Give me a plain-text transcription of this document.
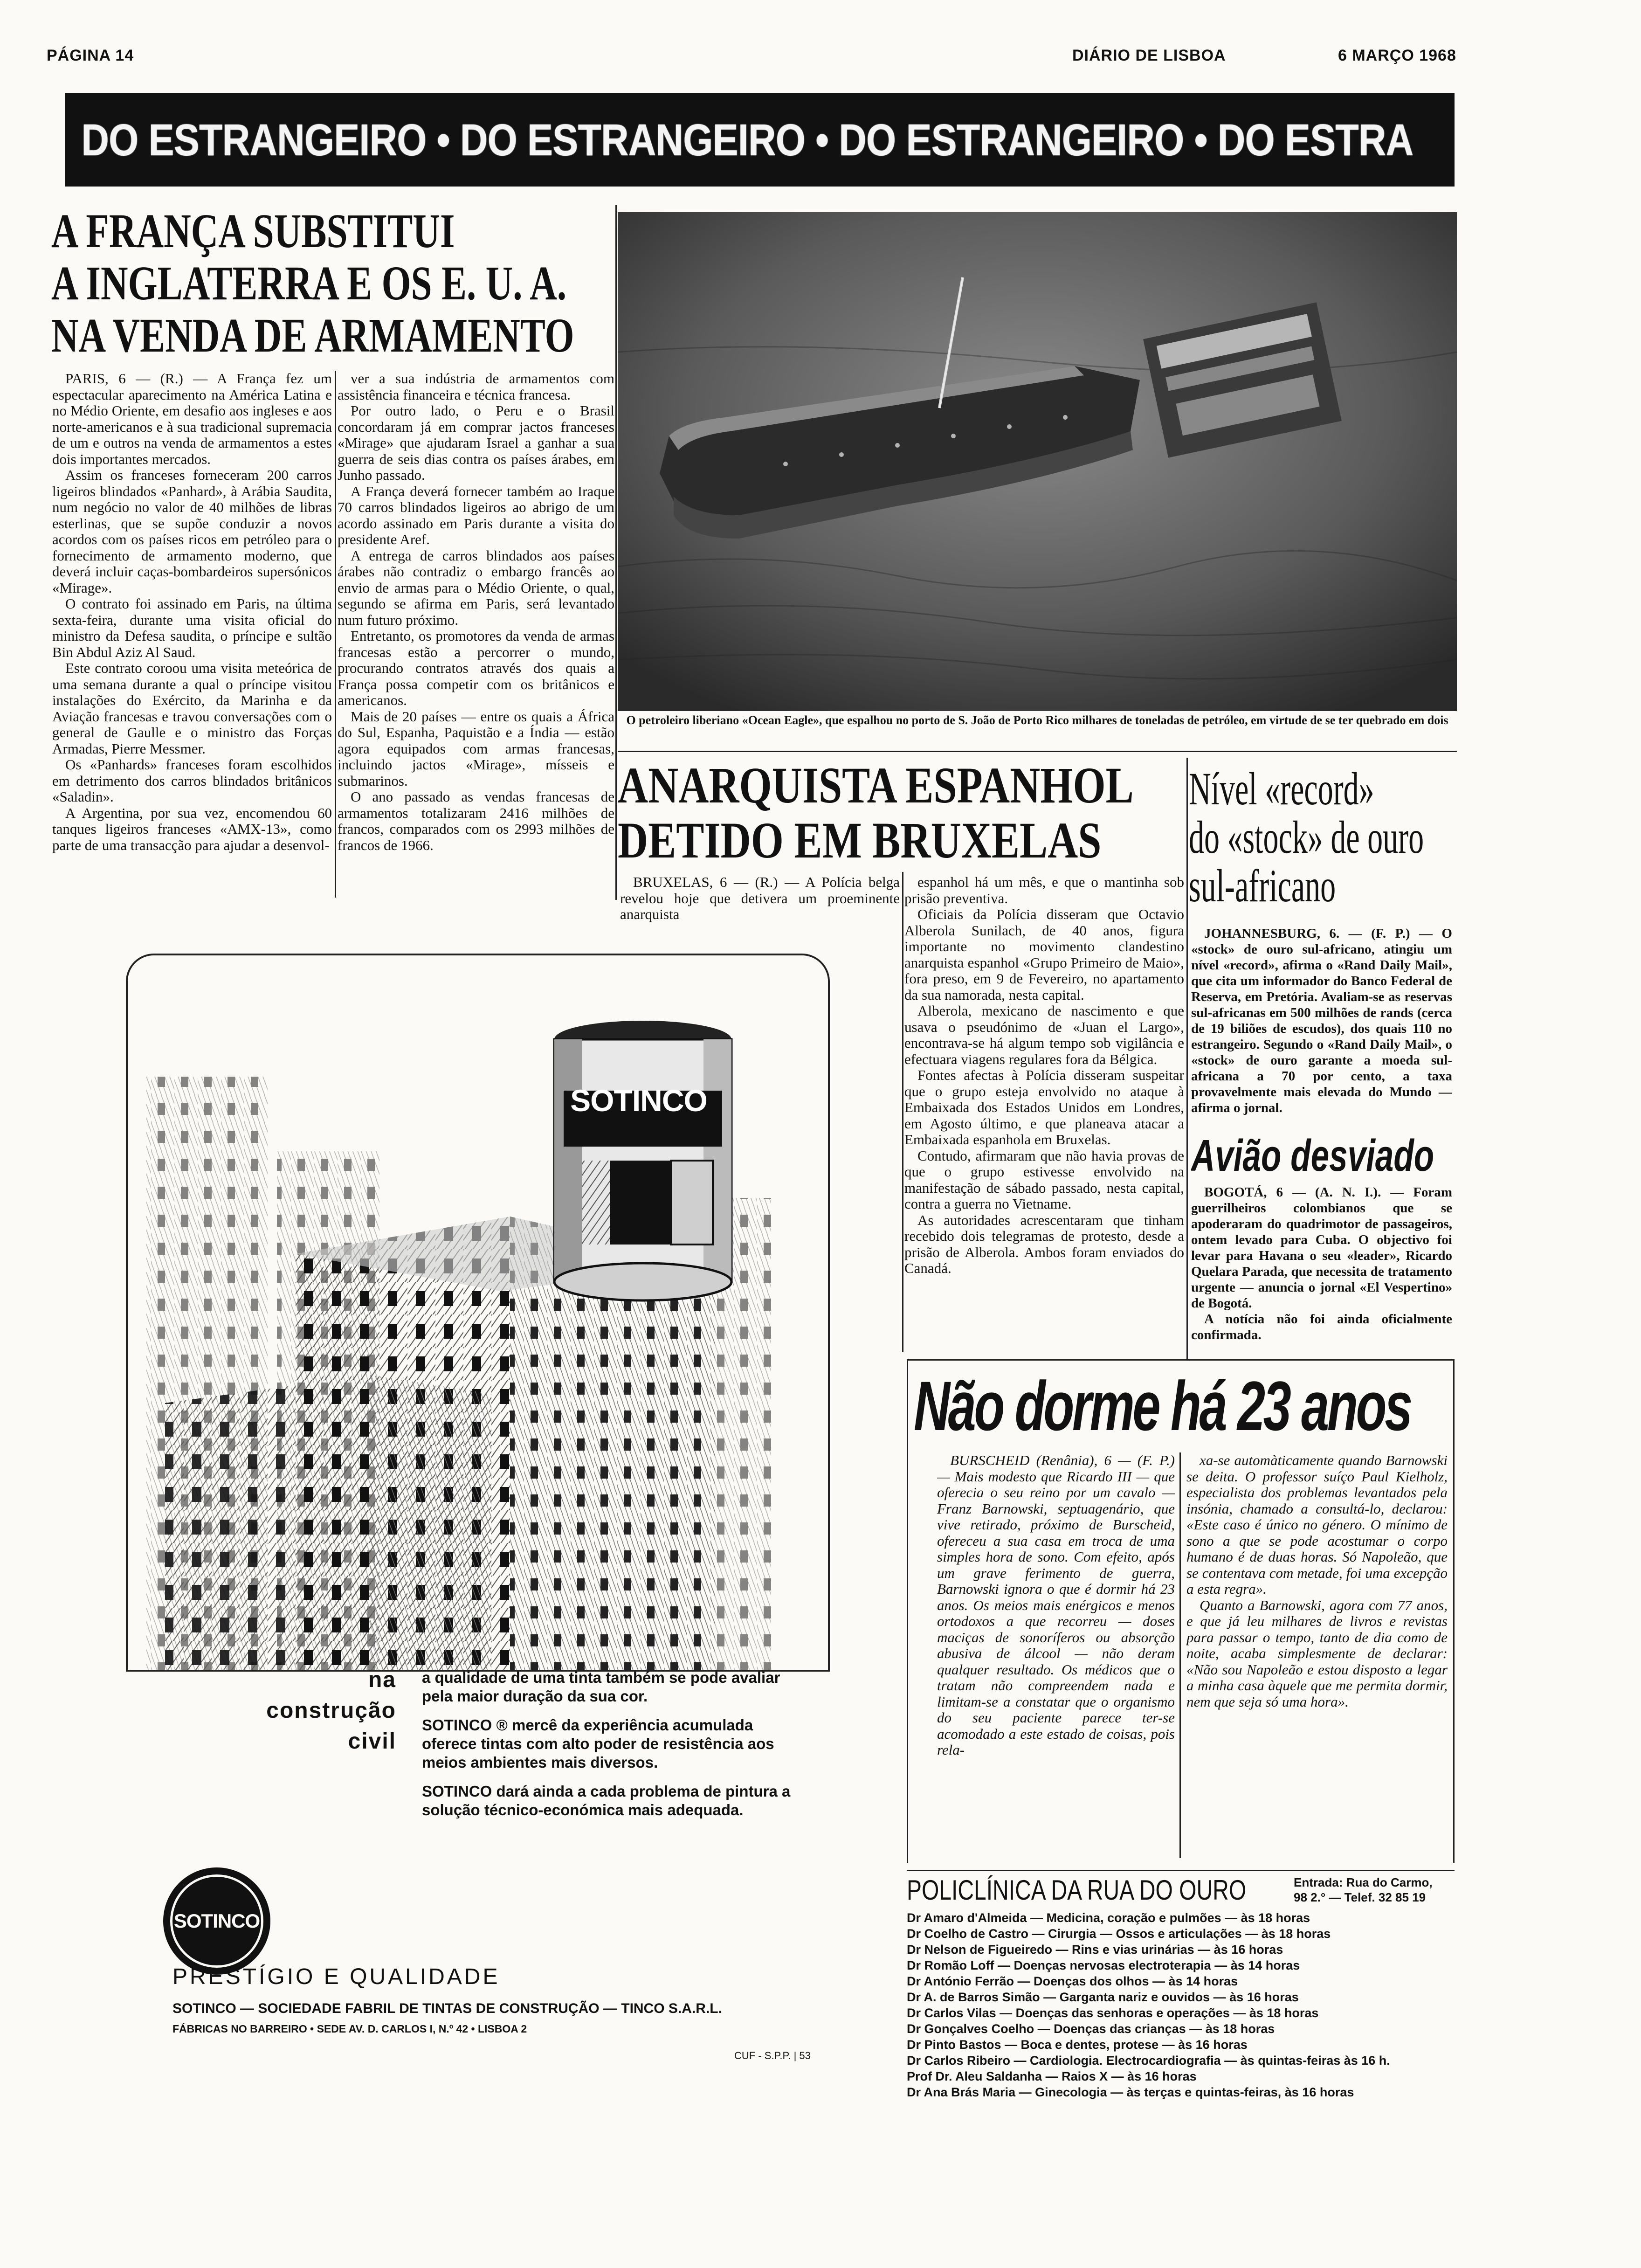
PÁGINA 14	DIÁRIO DE LISBOA	6 MARÇO 1968
DO ESTRANGEIRO • DO ESTRANGEIRO • DO ESTRANGEIRO • DO ESTRA
A FRANÇA SUBSTITUI
A INGLATERRA E OS E. U. A.
NA VENDA DE ARMAMENTO

PARIS, 6 — (R.) — A França fez um espectacular aparecimento na América Latina e no Médio Oriente, em desafio aos ingleses e aos norte-americanos e à sua tradicional supremacia de um e outros na venda de armamentos a estes dois importantes mercados.

Assim os franceses forneceram 200 carros ligeiros blindados «Panhard», à Arábia Saudita, num negócio no valor de 40 milhões de libras esterlinas, que se supõe conduzir a novos acordos com os países ricos em petróleo para o fornecimento de armamento moderno, que deverá incluir caças-bombardeiros supersónicos «Mirage».

O contrato foi assinado em Paris, na última sexta-feira, durante uma visita oficial do ministro da Defesa saudita, o príncipe e sultão Bin Abdul Aziz Al Saud.

Este contrato coroou uma visita meteórica de uma semana durante a qual o príncipe visitou instalações do Exército, da Marinha e da Aviação francesas e travou conversações com o general de Gaulle e o ministro das Forças Armadas, Pierre Messmer.

Os «Panhards» franceses foram escolhidos em detrimento dos carros blindados britânicos «Saladin».

A Argentina, por sua vez, encomendou 60 tanques ligeiros franceses «AMX-13», como parte de uma transacção para ajudar a desenvol-

ver a sua indústria de armamentos com assistência financeira e técnica francesa.

Por outro lado, o Peru e o Brasil concordaram já em comprar jactos franceses «Mirage» que ajudaram Israel a ganhar a sua guerra de seis dias contra os países árabes, em Junho passado.

A França deverá fornecer também ao Iraque 70 carros blindados ligeiros ao abrigo de um acordo assinado em Paris durante a visita do presidente Aref.

A entrega de carros blindados aos países árabes não contradiz o embargo francês ao envio de armas para o Médio Oriente, o qual, segundo se afirma em Paris, será levantado num futuro próximo.

Entretanto, os promotores da venda de armas francesas estão a percorrer o mundo, procurando contratos através dos quais a França possa competir com os britânicos e americanos.

Mais de 20 países — entre os quais a África do Sul, Espanha, Paquistão e a Índia — estão agora equipados com armas francesas, incluindo jactos «Mirage», mísseis e submarinos.

O ano passado as vendas francesas de armamentos totalizaram 2416 milhões de francos, comparados com os 2993 milhões de francos de 1966.

O petroleiro liberiano «Ocean Eagle», que espalhou no porto de S. João de Porto Rico milhares de toneladas de petróleo, em virtude de se ter quebrado em dois
ANARQUISTA ESPANHOL
DETIDO EM BRUXELAS

BRUXELAS, 6 — (R.) — A Polícia belga revelou hoje que detivera um proeminente anarquista

espanhol há um mês, e que o mantinha sob prisão preventiva.

Oficiais da Polícia disseram que Octavio Alberola Sunilach, de 40 anos, figura importante no movimento clandestino anarquista espanhol «Grupo Primeiro de Maio», fora preso, em 9 de Fevereiro, no apartamento da sua namorada, nesta capital.

Alberola, mexicano de nascimento e que usava o pseudónimo de «Juan el Largo», encontrava-se há algum tempo sob vigilância e efectuara viagens regulares fora da Bélgica.

Fontes afectas à Polícia disseram suspeitar que o grupo esteja envolvido no ataque à Embaixada dos Estados Unidos em Londres, em Agosto último, e que planeava atacar a Embaixada espanhola em Bruxelas.

Contudo, afirmaram que não havia provas de que o grupo estivesse envolvido na manifestação de sábado passado, nesta capital, contra a guerra no Vietname.

As autoridades acrescentaram que tinham recebido dois telegramas de protesto, desde a prisão de Alberola. Ambos foram enviados do Canadá.

Nível «record»
do «stock» de ouro
sul-africano

JOHANNESBURG, 6. — (F. P.) — O «stock» de ouro sul-africano, atingiu um nível «record», afirma o «Rand Daily Mail», que cita um informador do Banco Federal de Reserva, em Pretória. Avaliam-se as reservas sul-africanas em 500 milhões de rands (cerca de 19 biliões de escudos), dos quais 110 no estrangeiro. Segundo o «Rand Daily Mail», o «stock» de ouro garante a moeda sul-africana a 70 por cento, a taxa provavelmente mais elevada do Mundo — afirma o jornal.

Avião desviado

BOGOTÁ, 6 — (A. N. I.). — Foram guerrilheiros colombianos que se apoderaram do quadrimotor de passageiros, ontem levado para Cuba. O objectivo foi levar para Havana o seu «leader», Ricardo Quelara Parada, que necessita de tratamento urgente — anuncia o jornal «El Vespertino» de Bogotá.

A notícia não foi ainda oficialmente confirmada.

Não dorme há 23 anos

BURSCHEID (Renânia), 6 — (F. P.) — Mais modesto que Ricardo III — que oferecia o seu reino por um cavalo — Franz Barnowski, septuagenário, que vive retirado, próximo de Burscheid, ofereceu a sua casa em troca de uma simples hora de sono. Com efeito, após um grave ferimento de guerra, Barnowski ignora o que é dormir há 23 anos. Os meios mais enérgicos e menos ortodoxos a que recorreu — doses maciças de sonoríferos ou absorção abusiva de álcool — não deram qualquer resultado. Os médicos que o tratam não compreendem nada e limitam-se a constatar que o organismo do seu paciente parece ter-se acomodado a este estado de coisas, pois rela-

xa-se automàticamente quando Barnowski se deita. O professor suíço Paul Kielholz, especialista dos problemas levantados pela insónia, chamado a consultá-lo, declarou: «Este caso é único no género. O mínimo de sono a que se pode acostumar o corpo humano é de duas horas. Só Napoleão, que se contentava com metade, foi uma excepção a esta regra».

Quanto a Barnowski, agora com 77 anos, e que já leu milhares de livros e revistas para passar o tempo, tanto de dia como de noite, acaba simplesmente de declarar: «Não sou Napoleão e estou disposto a legar a minha casa àquele que me permita dormir, nem que seja só uma hora».

POLICLÍNICA DA RUA DO OURO	Entrada: Rua do Carmo,
98 2.° — Telef. 32 85 19
Dr Amaro d'Almeida — Medicina, coração e pulmões — às 18 horas
Dr Coelho de Castro — Cirurgia — Ossos e articulações — às 18 horas
Dr Nelson de Figueiredo — Rins e vias urinárias — às 16 horas
Dr Romão Loff — Doenças nervosas electroterapia — às 14 horas
Dr António Ferrão — Doenças dos olhos — às 14 horas
Dr A. de Barros Simão — Garganta nariz e ouvidos — às 16 horas
Dr Carlos Vilas — Doenças das senhoras e operações — às 18 horas
Dr Gonçalves Coelho — Doenças das crianças — às 18 horas
Dr Pinto Bastos — Boca e dentes, protese — às 16 horas
Dr Carlos Ribeiro — Cardiologia. Electrocardiografia — às quintas-feiras às 16 h.
Prof Dr. Aleu Saldanha — Raios X — às 16 horas
Dr Ana Brás Maria — Ginecologia — às terças e quintas-feiras, às 16 horas
SOTINCO
na
construção
civil
a qualidade de uma tinta também se pode avaliar pela maior duração da sua cor.
SOTINCO ® mercê da experiência acumulada oferece tintas com alto poder de resistência aos meios ambientes mais diversos.
SOTINCO dará ainda a cada problema de pintura a solução técnico-económica mais adequada.
SOTINCO
PRESTÍGIO E QUALIDADE
SOTINCO — SOCIEDADE FABRIL DE TINTAS DE CONSTRUÇÃO — TINCO S.A.R.L.
FÁBRICAS NO BARREIRO • SEDE AV. D. CARLOS I, N.º 42 • LISBOA 2
CUF - S.P.P. | 53
